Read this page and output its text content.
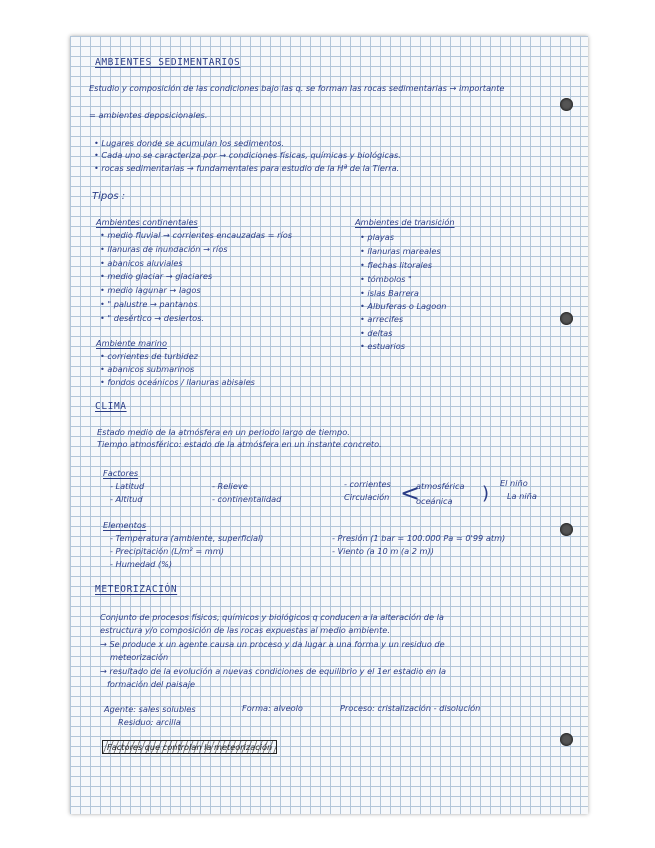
AMBIENTES SEDIMENTARIOS
Estudio y composición de las condiciones bajo las q. se forman las rocas sedimentarias → importante
= ambientes deposicionales.
• Lugares donde se acumulan los sedimentos.
• Cada uno se caracteriza por → condiciones físicas, químicas y biológicas.
• rocas sedimentarias → fundamentales para estudio de la Hª de la Tierra.
Tipos :
Ambientes continentales
• medio fluvial → corrientes encauzadas = ríos
• llanuras de inundación → ríos
• abanicos aluviales
• medio glaciar → glaciares
• medio lagunar → lagos
• " palustre → pantanos
• " desértico → desiertos.
Ambientes de transición
• playas
• llanuras mareales
• flechas litorales
• tómbolos "
• islas Barrera
• Albuferas o Lagoon
• arrecifes
• deltas
• estuarios
Ambiente marino
• corrientes de turbidez
• abanicos submarinos
• fondos oceánicos / llanuras abisales
CLIMA
Estado medio de la atmósfera en un periodo largo de tiempo.
Tiempo atmosférico: estado de la atmósfera en un instante concreto.
Factores
- Latitud
- Altitud
- Relieve
- continentalidad
- corrientes
Circulación <
atmosférica
oceánica ) El niño
La niña
Elementos
- Temperatura (ambiente, superficial)
- Precipitación (L/m² = mm)
- Humedad (%)
- Presión (1 bar = 100.000 Pa = 0'99 atm)
- Viento (a 10 m (a 2 m))
METEORIZACIÓN
Conjunto de procesos físicos, químicos y biológicos q conducen a la alteración de la
estructura y/o composición de las rocas expuestas al medio ambiente.
→ Se produce x un agente causa un proceso y da lugar a una forma y un residuo de
meteorización
→ resultado de la evolución a nuevas condiciones de equilibrio y el 1er estadio en la
formación del paisaje
Agente: sales solubles	Forma: alveolo	Proceso: cristalización - disolución
Residuo: arcilla
Factores que controlan la meteorización
